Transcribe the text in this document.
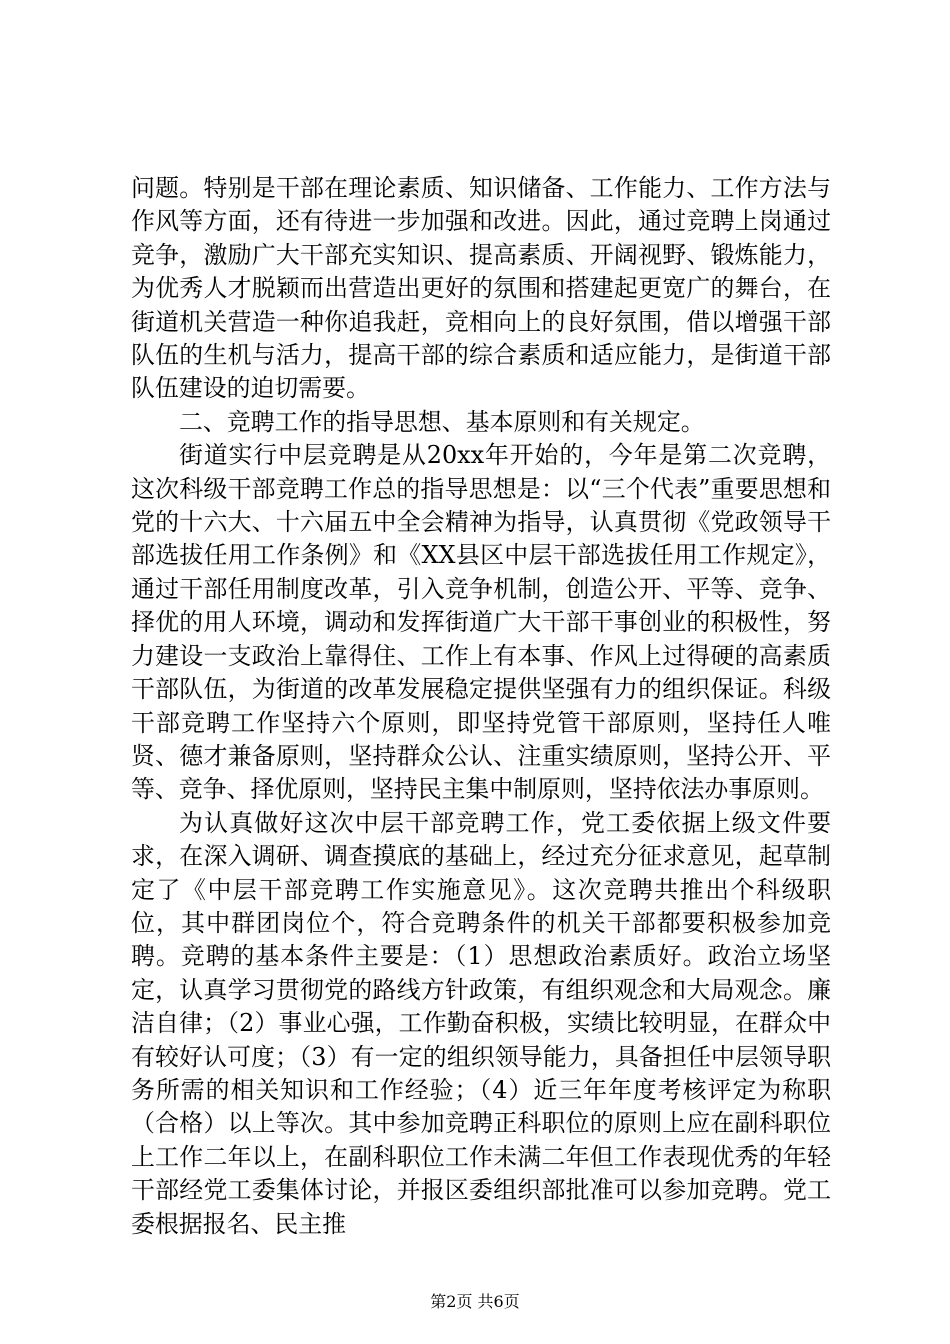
问题。特别是干部在理论素质、知识储备、工作能力、工作方法与作风等方面，还有待进一步加强和改进。因此，通过竞聘上岗通过竞争，激励广大干部充实知识、提高素质、开阔视野、锻炼能力，为优秀人才脱颖而出营造出更好的氛围和搭建起更宽广的舞台，在街道机关营造一种你追我赶，竞相向上的良好氛围，借以增强干部队伍的生机与活力，提高干部的综合素质和适应能力，是街道干部队伍建设的迫切需要。

二、竞聘工作的指导思想、基本原则和有关规定。

街道实行中层竞聘是从20xx年开始的，今年是第二次竞聘，这次科级干部竞聘工作总的指导思想是：以“三个代表”重要思想和党的十六大、十六届五中全会精神为指导，认真贯彻《党政领导干部选拔任用工作条例》和《XX县区中层干部选拔任用工作规定》，通过干部任用制度改革，引入竞争机制，创造公开、平等、竞争、择优的用人环境，调动和发挥街道广大干部干事创业的积极性，努力建设一支政治上靠得住、工作上有本事、作风上过得硬的高素质干部队伍，为街道的改革发展稳定提供坚强有力的组织保证。科级干部竞聘工作坚持六个原则，即坚持党管干部原则，坚持任人唯贤、德才兼备原则，坚持群众公认、注重实绩原则，坚持公开、平等、竞争、择优原则，坚持民主集中制原则，坚持依法办事原则。

为认真做好这次中层干部竞聘工作，党工委依据上级文件要求，在深入调研、调查摸底的基础上，经过充分征求意见，起草制定了《中层干部竞聘工作实施意见》。这次竞聘共推出个科级职位，其中群团岗位个，符合竞聘条件的机关干部都要积极参加竞聘。竞聘的基本条件主要是：（1）思想政治素质好。政治立场坚定，认真学习贯彻党的路线方针政策，有组织观念和大局观念。廉洁自律；（2）事业心强，工作勤奋积极，实绩比较明显，在群众中有较好认可度；（3）有一定的组织领导能力，具备担任中层领导职务所需的相关知识和工作经验；（4）近三年年度考核评定为称职（合格）以上等次。其中参加竞聘正科职位的原则上应在副科职位上工作二年以上，在副科职位工作未满二年但工作表现优秀的年轻干部经党工委集体讨论，并报区委组织部批准可以参加竞聘。党工委根据报名、民主推

第2页 共6页
